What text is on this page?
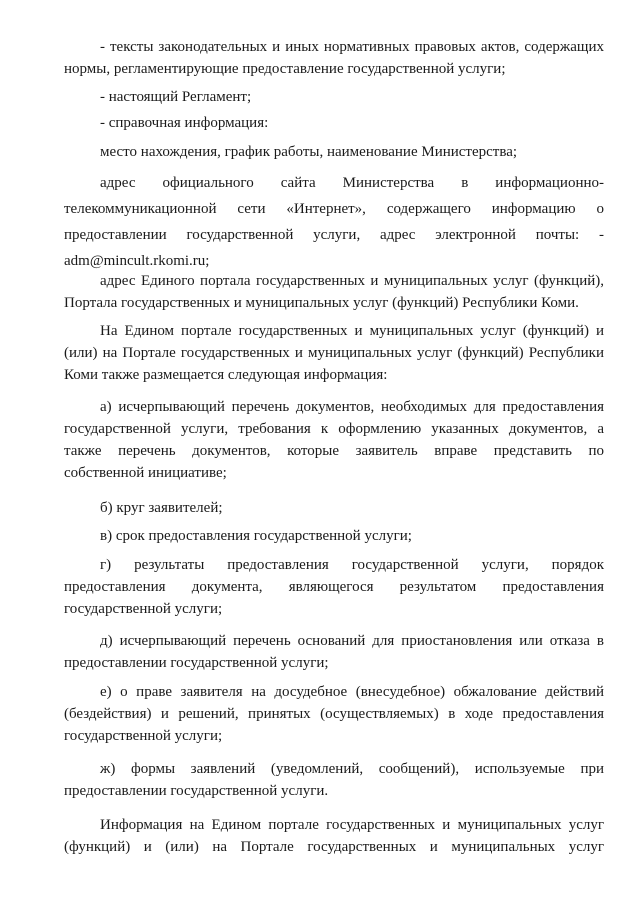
- тексты законодательных и иных нормативных правовых актов, содержащих
нормы, регламентирующие предоставление государственной услуги;
- настоящий Регламент;
- справочная информация:
место нахождения, график работы, наименование Министерства;
адрес официального сайта Министерства в информационно-
телекоммуникационной сети «Интернет», содержащего информацию о
предоставлении государственной услуги, адрес электронной почты: -
adm@mincult.rkomi.ru;
адрес Единого портала государственных и муниципальных услуг (функций),
Портала государственных и муниципальных услуг (функций) Республики Коми.
На Едином портале государственных и муниципальных услуг (функций) и
(или) на Портале государственных и муниципальных услуг (функций) Республики
Коми также размещается следующая информация:
а) исчерпывающий перечень документов, необходимых для предоставления
государственной услуги, требования к оформлению указанных документов, а
также перечень документов, которые заявитель вправе представить по
собственной инициативе;
б) круг заявителей;
в) срок предоставления государственной услуги;
г) результаты предоставления государственной услуги, порядок
предоставления документа, являющегося результатом предоставления
государственной услуги;
д) исчерпывающий перечень оснований для приостановления или отказа в
предоставлении государственной услуги;
е) о праве заявителя на досудебное (внесудебное) обжалование действий
(бездействия) и решений, принятых (осуществляемых) в ходе предоставления
государственной услуги;
ж) формы заявлений (уведомлений, сообщений), используемые при
предоставлении государственной услуги.
Информация на Едином портале государственных и муниципальных услуг
(функций) и (или) на Портале государственных и муниципальных услуг
